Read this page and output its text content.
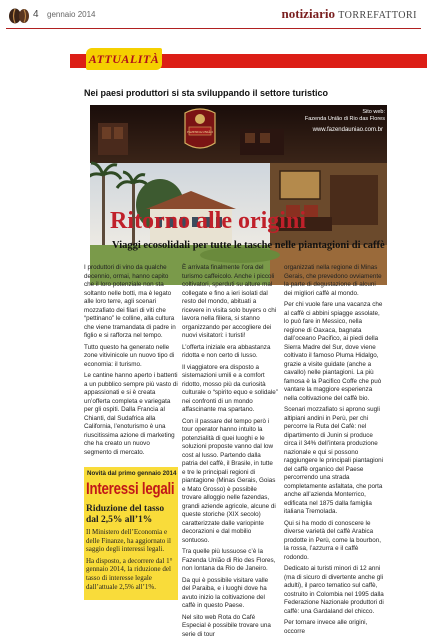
4 gennaio 2014	notiziario TORREFATTORI
ATTUALITÀ
Nei paesi produttori si sta sviluppando il settore turistico
FAZENDA UNIÃO
Sito web:
Fazenda União di Rio das Flores
www.fazendauniao.com.br
Ritorno alle origini
Viaggi ecosolidali per tutte le tasche nelle piantagioni di caffè

I produttori di vino da qualche decennio, ormai, hanno capito che il loro potenziale non sta soltanto nelle botti, ma è legato alle loro terre, agli scenari mozzafiato dei filari di viti che “pettinano” le colline, alla cultura che viene tramandata di padre in figlio e si rafforza nel tempo.

Tutto questo ha generato nelle zone vitivinicole un nuovo tipo di economia: il turismo.

Le cantine hanno aperto i battenti a un pubblico sempre più vasto di appassionati e si è creata un’offerta completa e variegata per gli ospiti. Dalla Francia al Chianti, dal Sudafrica alla California, l’enoturismo è una riuscitissima azione di marketing che ha creato un nuovo segmento di mercato.

È arrivata finalmente l’ora del turismo caffeicolo. Anche i piccoli coltivatori, sperduti su alture mal collegate e fino a ieri isolati dal resto del mondo, abituati a ricevere in visita solo buyers o chi lavora nella filiera, si stanno organizzando per accogliere dei nuovi visitatori: i turisti!

L’offerta iniziale era abbastanza ridotta e non certo di lusso.

Il viaggiatore era disposto a sistemazioni umili e a comfort ridotto, mosso più da curiosità culturale o “spirito equo e solidale” nei confronti di un mondo affascinante ma spartano.

Con il passare del tempo però i tour operator hanno intuito la potenzialità di quei luoghi e le soluzioni proposte vanno dal low cost al lusso. Partendo dalla patria del caffè, il Brasile, in tutte e tre le principali regioni di piantagione (Minas Gerais, Goias e Mato Grosso) è possibile trovare alloggio nelle fazendas, grandi aziende agricole, alcune di queste storiche (XIX secolo) caratterizzate dalle variopinte decorazioni e dal mobilio sontuoso.

Tra quelle più lussuose c’è la Fazenda União di Rio des Flores, non lontana da Rio de Janeiro.

Da qui è possibile visitare valle del Paraiba, e i luoghi dove ha avuto inizio la coltivazione del caffè in questo Paese.

Nel sito web Rota do Café Especial è possibile trovare una serie di tour

organizzati nella regione di Minas Gerais, che prevedono ovviamente la parte di degustazione di alcuni dei migliori caffè al mondo.

Per chi vuole fare una vacanza che al caffè ci abbini spiagge assolate, lo può fare in Messico, nella regione di Oaxaca, bagnata dall’oceano Pacifico, ai piedi della Sierra Madre del Sur, dove viene coltivato il famoso Pluma Hidalgo, grazie a visite guidate (anche a cavallo) nelle piantagioni. La più famosa è la Pacifico Coffe che può vantare la maggiore esperienza nella coltivazione del caffè bio.

Scenari mozzafiato si aprono sugli altipiani andini in Perù, per chi percorre la Ruta del Cafè: nel dipartimento di Junin si produce circa il 34% dell’intera produzione nazionale e qui si possono raggiungere le principali piantagioni del caffè organico del Paese percorrendo una strada completamente asfaltata, che porta anche all’azienda Monterrico, edificata nel 1875 dalla famiglia italiana Tremolada.

Qui si ha modo di conoscere le diverse varietà del caffè Arabica prodotte in Perù, come la bourbon, la rossa, l’azzurra e il caffè rodondo.

Dedicato ai turisti minori di 12 anni (ma di sicuro di divertente anche gli adulti), il parco tematico sul caffè, costruito in Colombia nel 1995 dalla Federazione Nazionale produttori di caffè: una Gardaland del chicco.

Per tornare invece alle origini, occorre

Novità dal primo gennaio 2014
Interessi legali
Riduzione del tasso dal 2,5% all’1%

Il Ministero dell’Economia e delle Finanze, ha aggiornato il saggio degli interessi legali.

Ha disposto, a decorrere dal 1° gennaio 2014, la riduzione del tasso di interesse legale dall’attuale 2,5% all’1%.
